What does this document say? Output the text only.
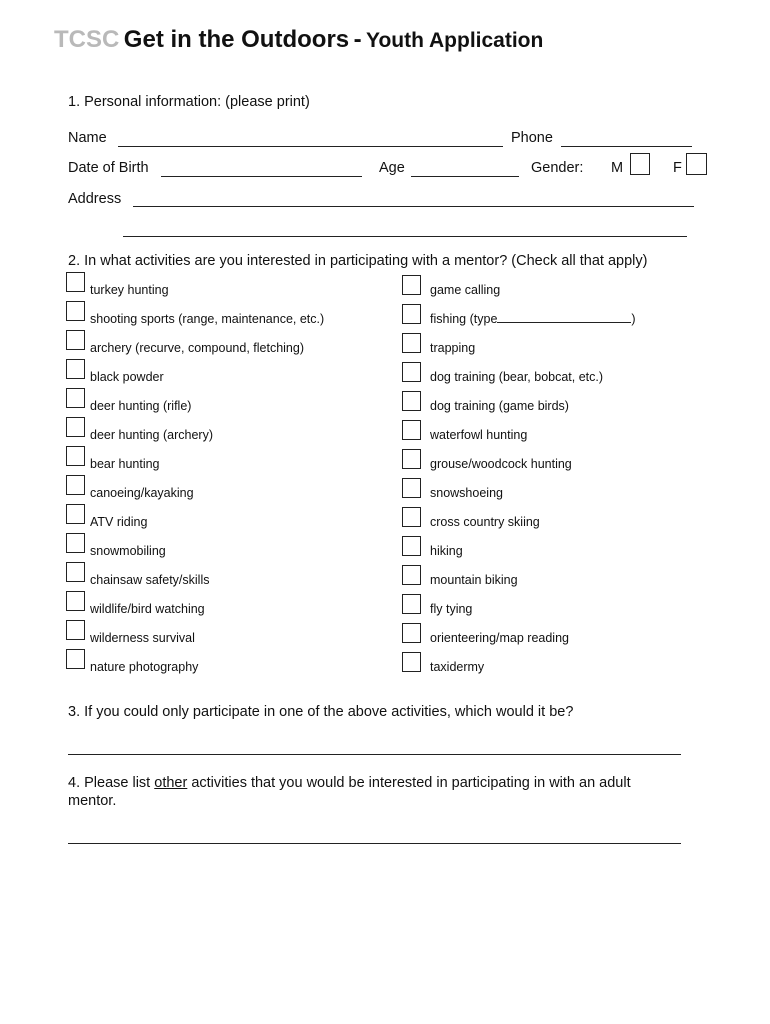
TCSC Get in the Outdoors - Youth Application
1. Personal information: (please print)
Name	Phone
Date of Birth	Age	Gender: M	F
Address
2. In what activities are you interested in participating with a mentor? (Check all that apply)
turkey hunting
shooting sports (range, maintenance, etc.)
archery (recurve, compound, fletching)
black powder
deer hunting (rifle)
deer hunting (archery)
bear hunting
canoeing/kayaking
ATV riding
snowmobiling
chainsaw safety/skills
wildlife/bird watching
wilderness survival
nature photography
game calling
fishing (type	)
trapping
dog training (bear, bobcat, etc.)
dog training (game birds)
waterfowl hunting
grouse/woodcock hunting
snowshoeing
cross country skiing
hiking
mountain biking
fly tying
orienteering/map reading
taxidermy
3. If you could only participate in one of the above activities, which would it be?
4. Please list other activities that you would be interested in participating in with an adult
mentor.
